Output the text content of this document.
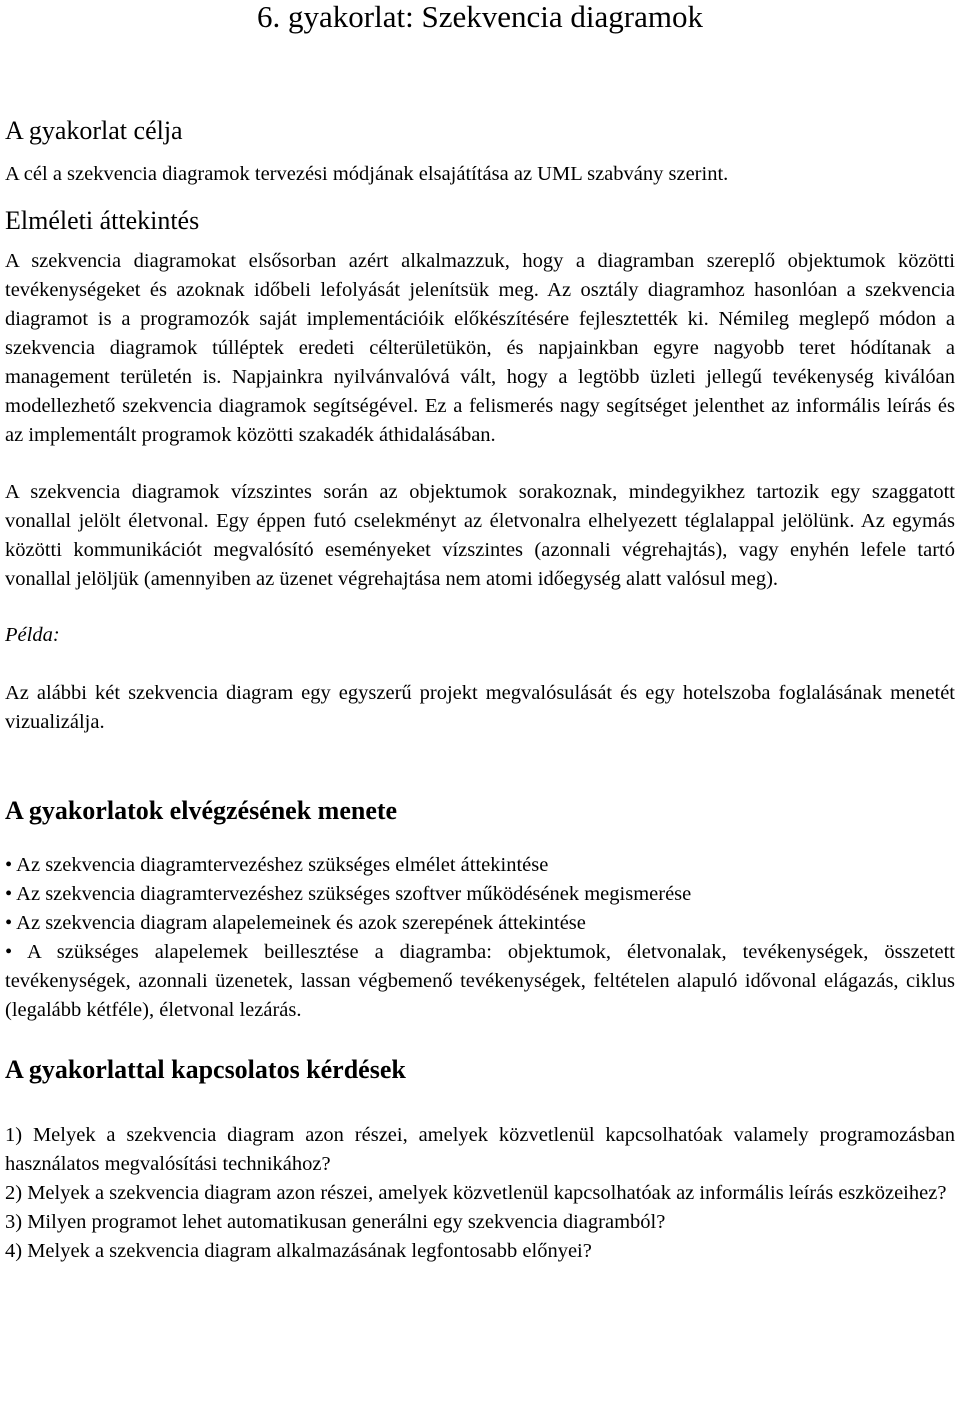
6. gyakorlat: Szekvencia diagramok
A gyakorlat célja

A cél a szekvencia diagramok tervezési módjának elsajátítása az UML szabvány szerint.

Elméleti áttekintés

A szekvencia diagramokat elsősorban azért alkalmazzuk, hogy a diagramban szereplő objektumok közötti tevékenységeket és azoknak időbeli lefolyását jelenítsük meg. Az osztály diagramhoz hasonlóan a szekvencia diagramot is a programozók saját implementációik előkészítésére fejlesztették ki. Némileg meglepő módon a szekvencia diagramok túlléptek eredeti célterületükön, és napjainkban egyre nagyobb teret hódítanak a management területén is. Napjainkra nyilvánvalóvá vált, hogy a legtöbb üzleti jellegű tevékenység kiválóan modellezhető szekvencia diagramok segítségével. Ez a felismerés nagy segítséget jelenthet az informális leírás és az implementált programok közötti szakadék áthidalásában.

A szekvencia diagramok vízszintes során az objektumok sorakoznak, mindegyikhez tartozik egy szaggatott vonallal jelölt életvonal. Egy éppen futó cselekményt az életvonalra elhelyezett téglalappal jelölünk. Az egymás közötti kommunikációt megvalósító eseményeket vízszintes (azonnali végrehajtás), vagy enyhén lefele tartó vonallal jelöljük (amennyiben az üzenet végrehajtása nem atomi időegység alatt valósul meg).

Példa:

Az alábbi két szekvencia diagram egy egyszerű projekt megvalósulását és egy hotelszoba foglalásának menetét vizualizálja.

A gyakorlatok elvégzésének menete
• Az szekvencia diagramtervezéshez szükséges elmélet áttekintése
• Az szekvencia diagramtervezéshez szükséges szoftver működésének megismerése
• Az szekvencia diagram alapelemeinek és azok szerepének áttekintése
• A szükséges alapelemek beillesztése a diagramba: objektumok, életvonalak, tevékenységek, összetett tevékenységek, azonnali üzenetek, lassan végbemenő tevékenységek, feltételen alapuló idővonal elágazás, ciklus (legalább kétféle), életvonal lezárás.
A gyakorlattal kapcsolatos kérdések

1) Melyek a szekvencia diagram azon részei, amelyek közvetlenül kapcsolhatóak valamely programozásban használatos megvalósítási technikához?

2) Melyek a szekvencia diagram azon részei, amelyek közvetlenül kapcsolhatóak az informális leírás eszközeihez?

3) Milyen programot lehet automatikusan generálni egy szekvencia diagramból?

4) Melyek a szekvencia diagram alkalmazásának legfontosabb előnyei?
